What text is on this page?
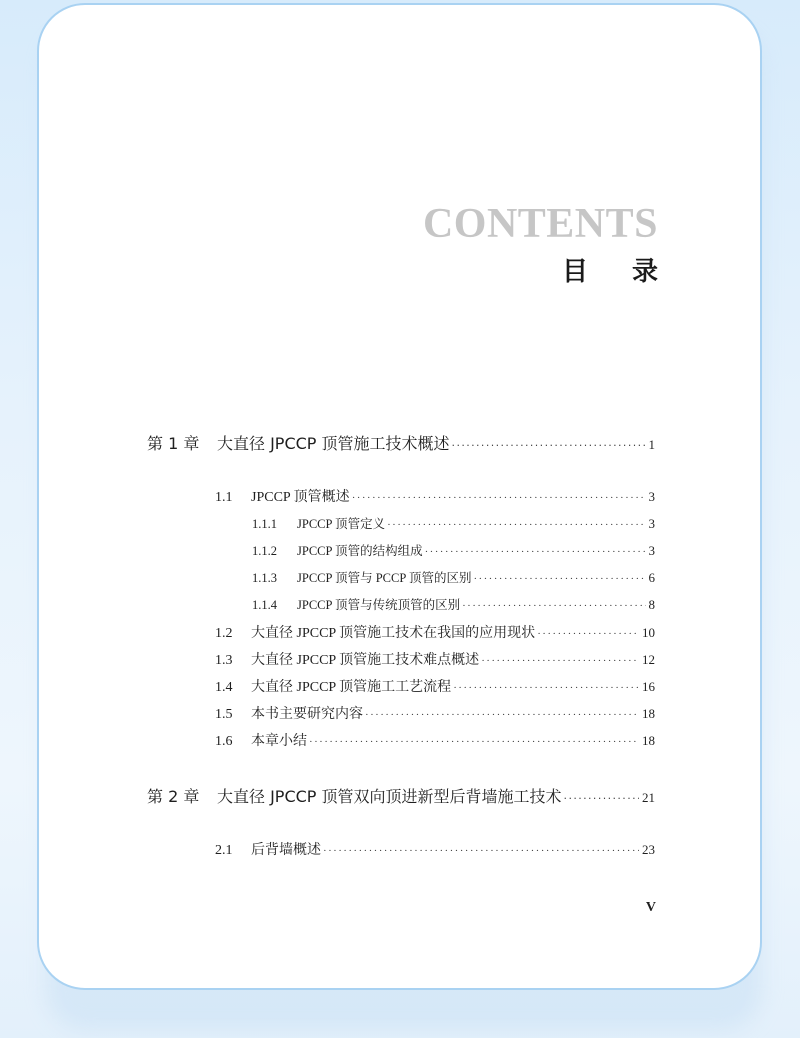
CONTENTS
目录
第 1 章	大直径 JPCCP 顶管施工技术概述 ·····	1
1.1	JPCCP 顶管概述 ·····	3
1.1.1	JPCCP 顶管定义 ·····	3
1.1.2	JPCCP 顶管的结构组成 ·····	3
1.1.3	JPCCP 顶管与 PCCP 顶管的区别 ·····	6
1.1.4	JPCCP 顶管与传统顶管的区别 ·····	8
1.2	大直径 JPCCP 顶管施工技术在我国的应用现状 ·····	10
1.3	大直径 JPCCP 顶管施工技术难点概述 ·····	12
1.4	大直径 JPCCP 顶管施工工艺流程 ·····	16
1.5	本书主要研究内容 ·····	18
1.6	本章小结 ·····	18
第 2 章	大直径 JPCCP 顶管双向顶进新型后背墙施工技术 ·····	21
2.1	后背墙概述 ·····	23
V
